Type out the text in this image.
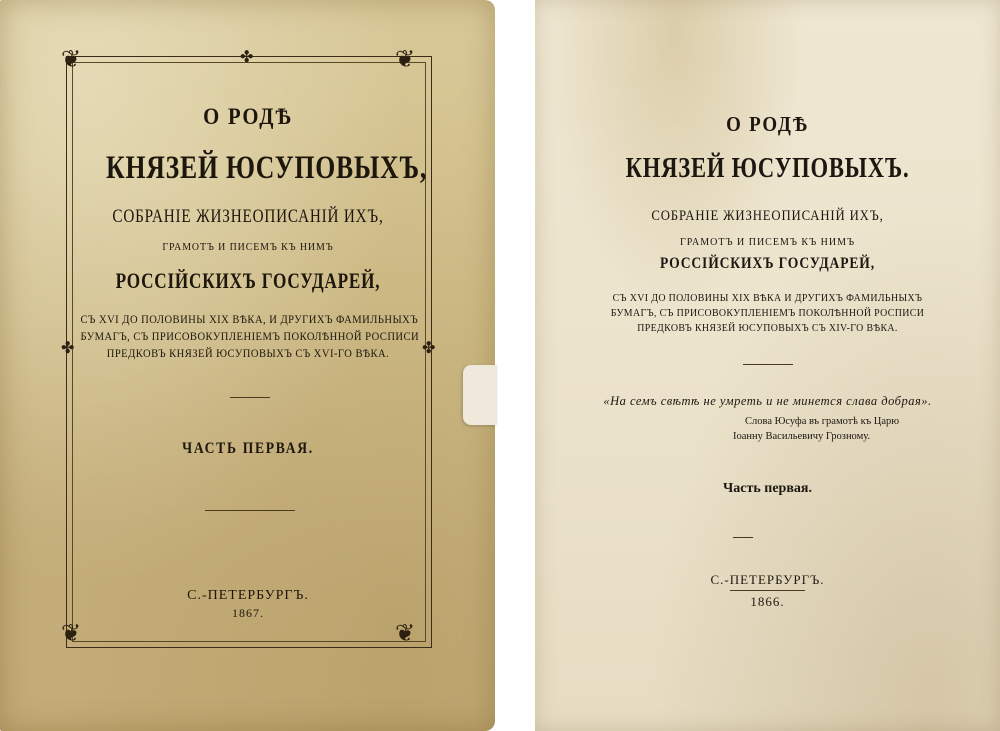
❦	❦
❦	❦
✤	✤
✤
О РОДѢ
КНЯЗЕЙ ЮСУПОВЫХЪ,
СОБРАНІЕ ЖИЗНЕОПИСАНІЙ ИХЪ,
ГРАМОТЪ И ПИСЕМЪ КЪ НИМЪ
РОССІЙСКИХЪ ГОСУДАРЕЙ,
СЪ XVI ДО ПОЛОВИНЫ XIX ВѢКА, И ДРУГИХЪ ФАМИЛЬНЫХЪ
БУМАГЪ, СЪ ПРИСОВОКУПЛЕНІЕМЪ ПОКОЛѢННОЙ РОСПИСИ
ПРЕДКОВЪ КНЯЗЕЙ ЮСУПОВЫХЪ СЪ XVI-ГО ВѢКА.
ЧАСТЬ ПЕРВАЯ.
С.-ПЕТЕРБУРГЪ.
1867.
О РОДѢ
КНЯЗЕЙ ЮСУПОВЫХЪ.
СОБРАНІЕ ЖИЗНЕОПИСАНІЙ ИХЪ,
ГРАМОТЪ И ПИСЕМЪ КЪ НИМЪ
РОССІЙСКИХЪ ГОСУДАРЕЙ,
СЪ XVI ДО ПОЛОВИНЫ XIX ВѢКА И ДРУГИХЪ ФАМИЛЬНЫХЪ
БУМАГЪ, СЪ ПРИСОВОКУПЛЕНІЕМЪ ПОКОЛѢННОЙ РОСПИСИ
ПРЕДКОВЪ КНЯЗЕЙ ЮСУПОВЫХЪ СЪ XIV-ГО ВѢКА.
«На семъ свѣтѣ не умреть и не минется слава добрая».
Слова Юсуфа въ грамотѣ къ Царю
Іоанну Васильевичу Грозному.
Часть первая.
С.-ПЕТЕРБУРГЪ.
1866.
